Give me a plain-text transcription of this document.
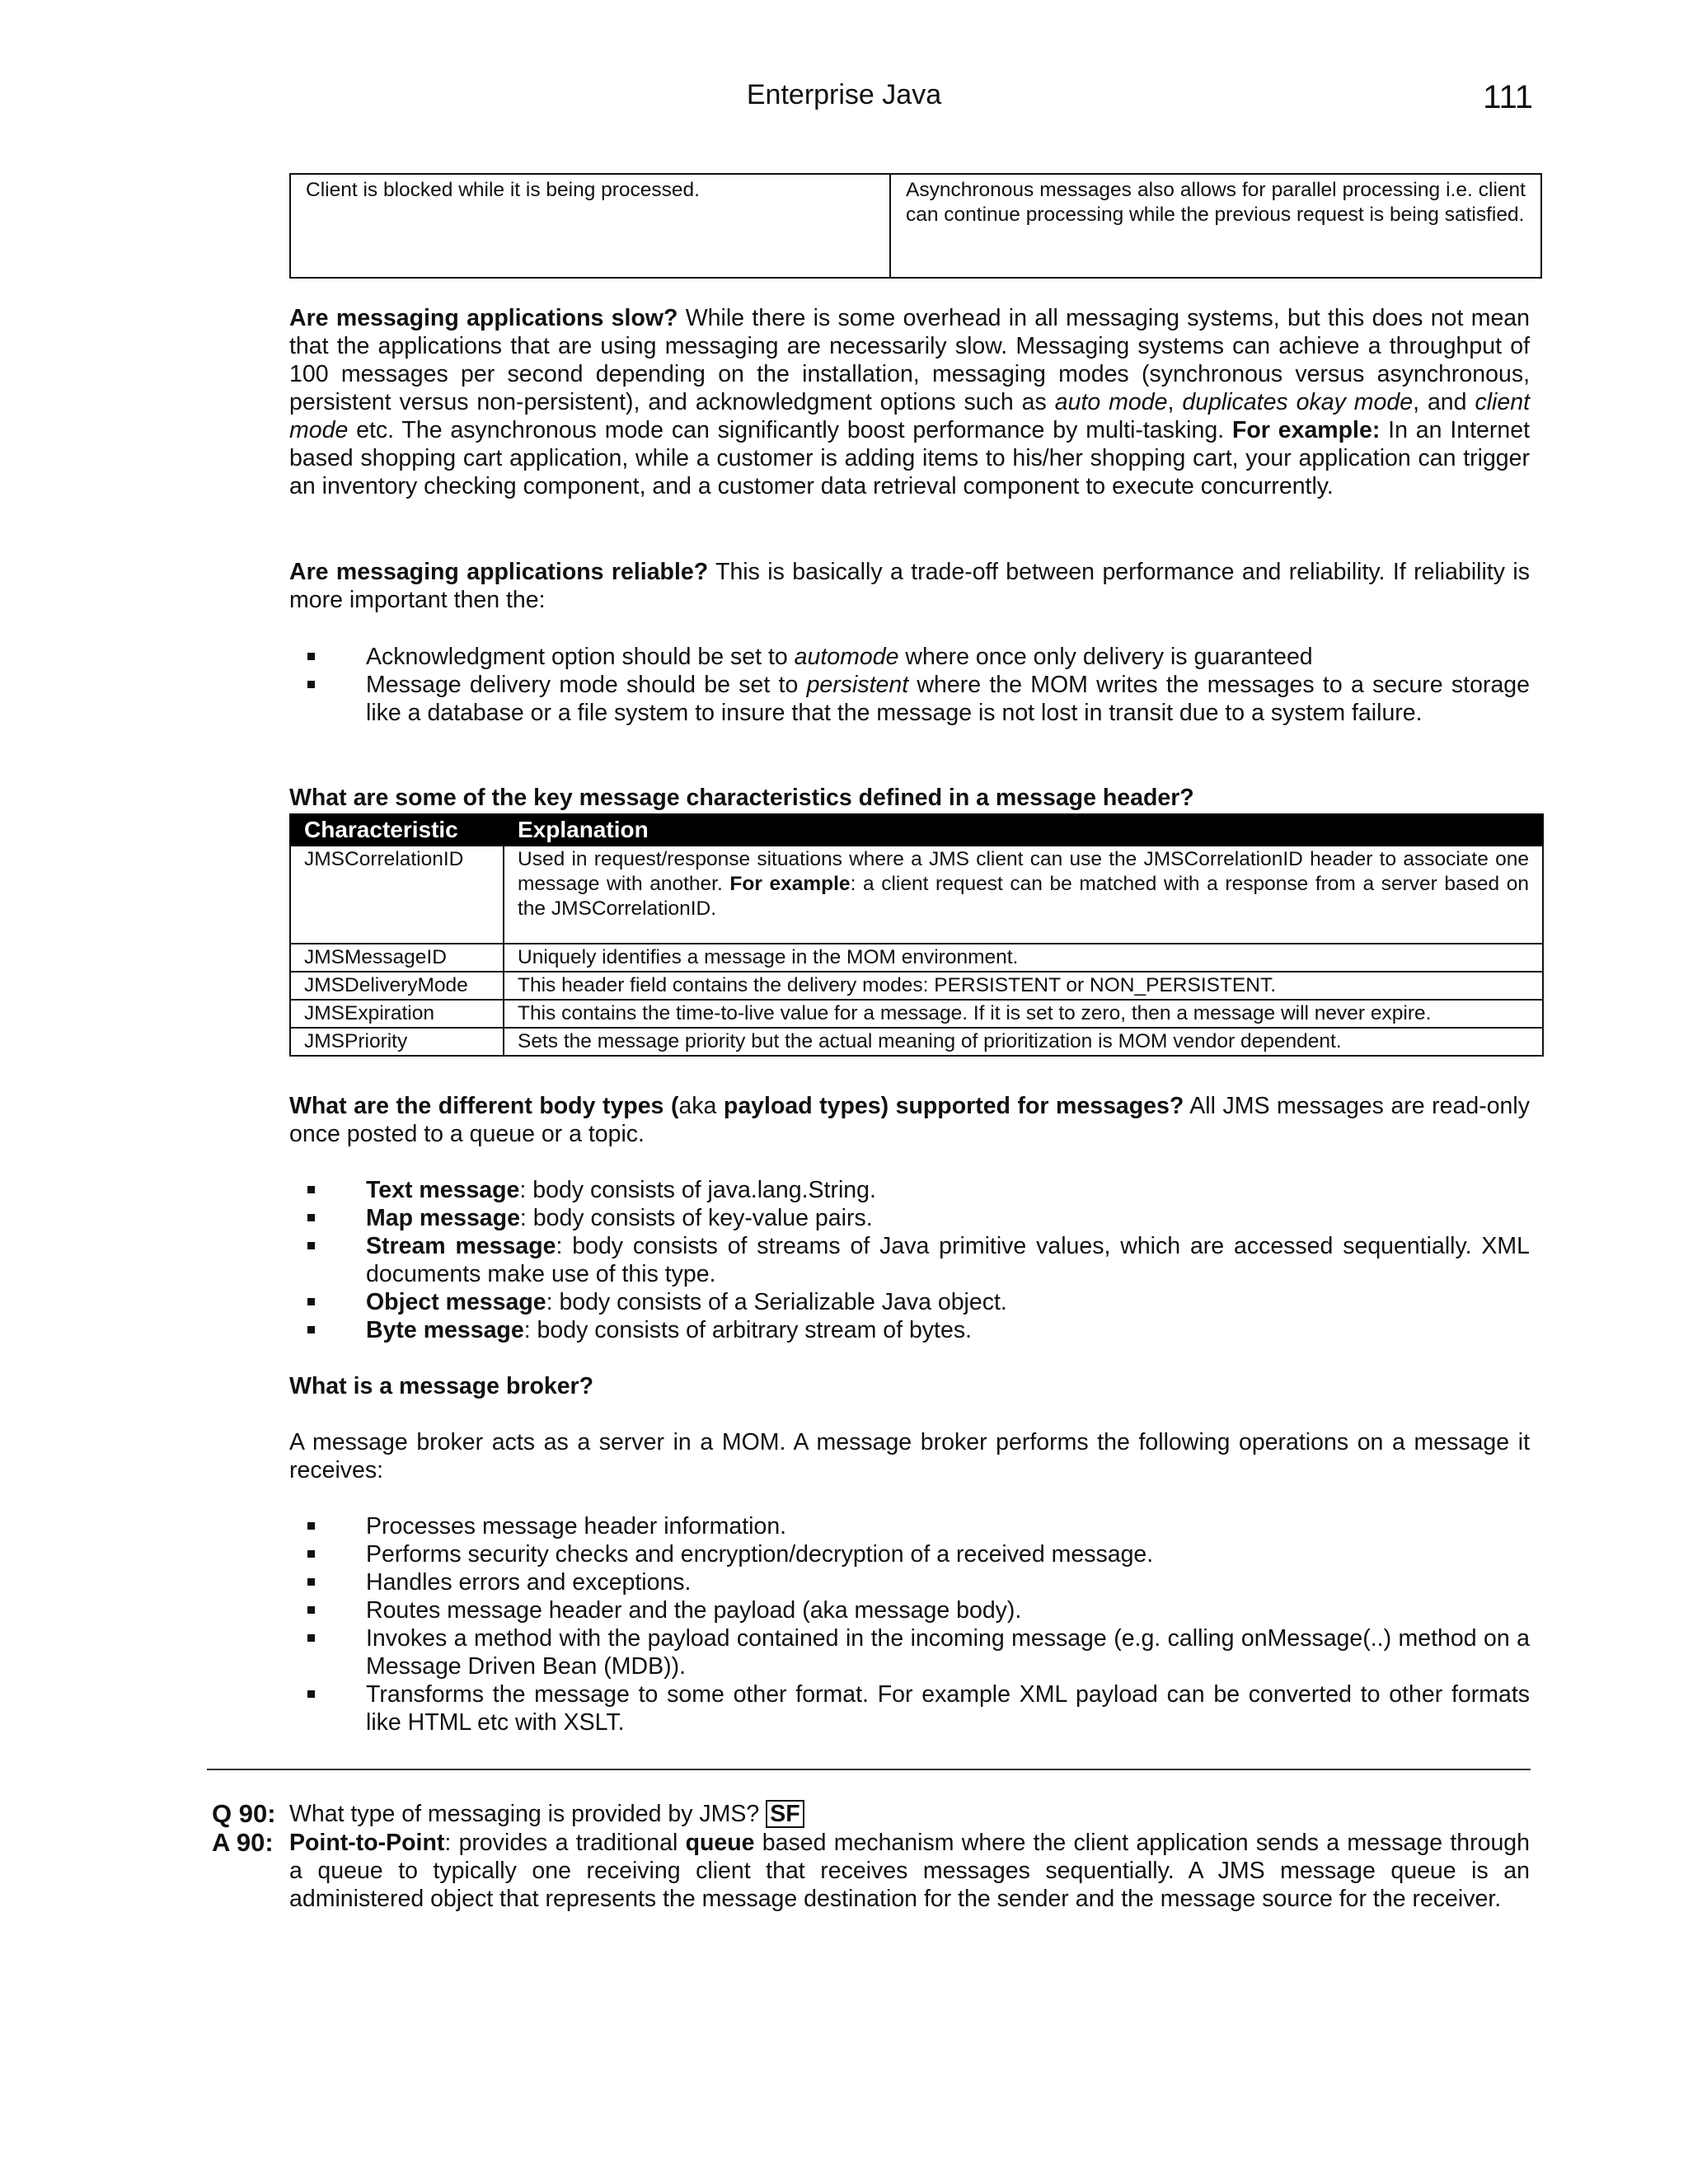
Enterprise Java	111
Client is blocked while it is being processed.	Asynchronous messages also allows for parallel processing i.e. client can continue processing while the previous request is being satisfied.

Are messaging applications slow? While there is some overhead in all messaging systems, but this does not mean that the applications that are using messaging are necessarily slow. Messaging systems can achieve a throughput of 100 messages per second depending on the installation, messaging modes (synchronous versus asynchronous, persistent versus non-persistent), and acknowledgment options such as auto mode, duplicates okay mode, and client mode etc. The asynchronous mode can significantly boost performance by multi-tasking. For example: In an Internet based shopping cart application, while a customer is adding items to his/her shopping cart, your application can trigger an inventory checking component, and a customer data retrieval component to execute concurrently.

Are messaging applications reliable? This is basically a trade-off between performance and reliability. If reliability is more important then the:

Acknowledgment option should be set to automode where once only delivery is guaranteed
Message delivery mode should be set to persistent where the MOM writes the messages to a secure storage like a database or a file system to insure that the message is not lost in transit due to a system failure.

What are some of the key message characteristics defined in a message header?

Characteristic	Explanation
JMSCorrelationID	Used in request/response situations where a JMS client can use the JMSCorrelationID header to associate one message with another. For example: a client request can be matched with a response from a server based on the JMSCorrelationID.
JMSMessageID	Uniquely identifies a message in the MOM environment.
JMSDeliveryMode	This header field contains the delivery modes: PERSISTENT or NON_PERSISTENT.
JMSExpiration	This contains the time-to-live value for a message. If it is set to zero, then a message will never expire.
JMSPriority	Sets the message priority but the actual meaning of prioritization is MOM vendor dependent.

What are the different body types (aka payload types) supported for messages? All JMS messages are read-only once posted to a queue or a topic.

Text message: body consists of java.lang.String.
Map message: body consists of key-value pairs.
Stream message: body consists of streams of Java primitive values, which are accessed sequentially. XML documents make use of this type.
Object message: body consists of a Serializable Java object.
Byte message: body consists of arbitrary stream of bytes.

What is a message broker?

A message broker acts as a server in a MOM. A message broker performs the following operations on a message it receives:

Processes message header information.
Performs security checks and encryption/decryption of a received message.
Handles errors and exceptions.
Routes message header and the payload (aka message body).
Invokes a method with the payload contained in the incoming message (e.g. calling onMessage(..) method on a Message Driven Bean (MDB)).
Transforms the message to some other format. For example XML payload can be converted to other formats like HTML etc with XSLT.
Q 90: What type of messaging is provided by JMS? SF

A 90: Point-to-Point: provides a traditional queue based mechanism where the client application sends a message through a queue to typically one receiving client that receives messages sequentially. A JMS message queue is an administered object that represents the message destination for the sender and the message source for the receiver.
